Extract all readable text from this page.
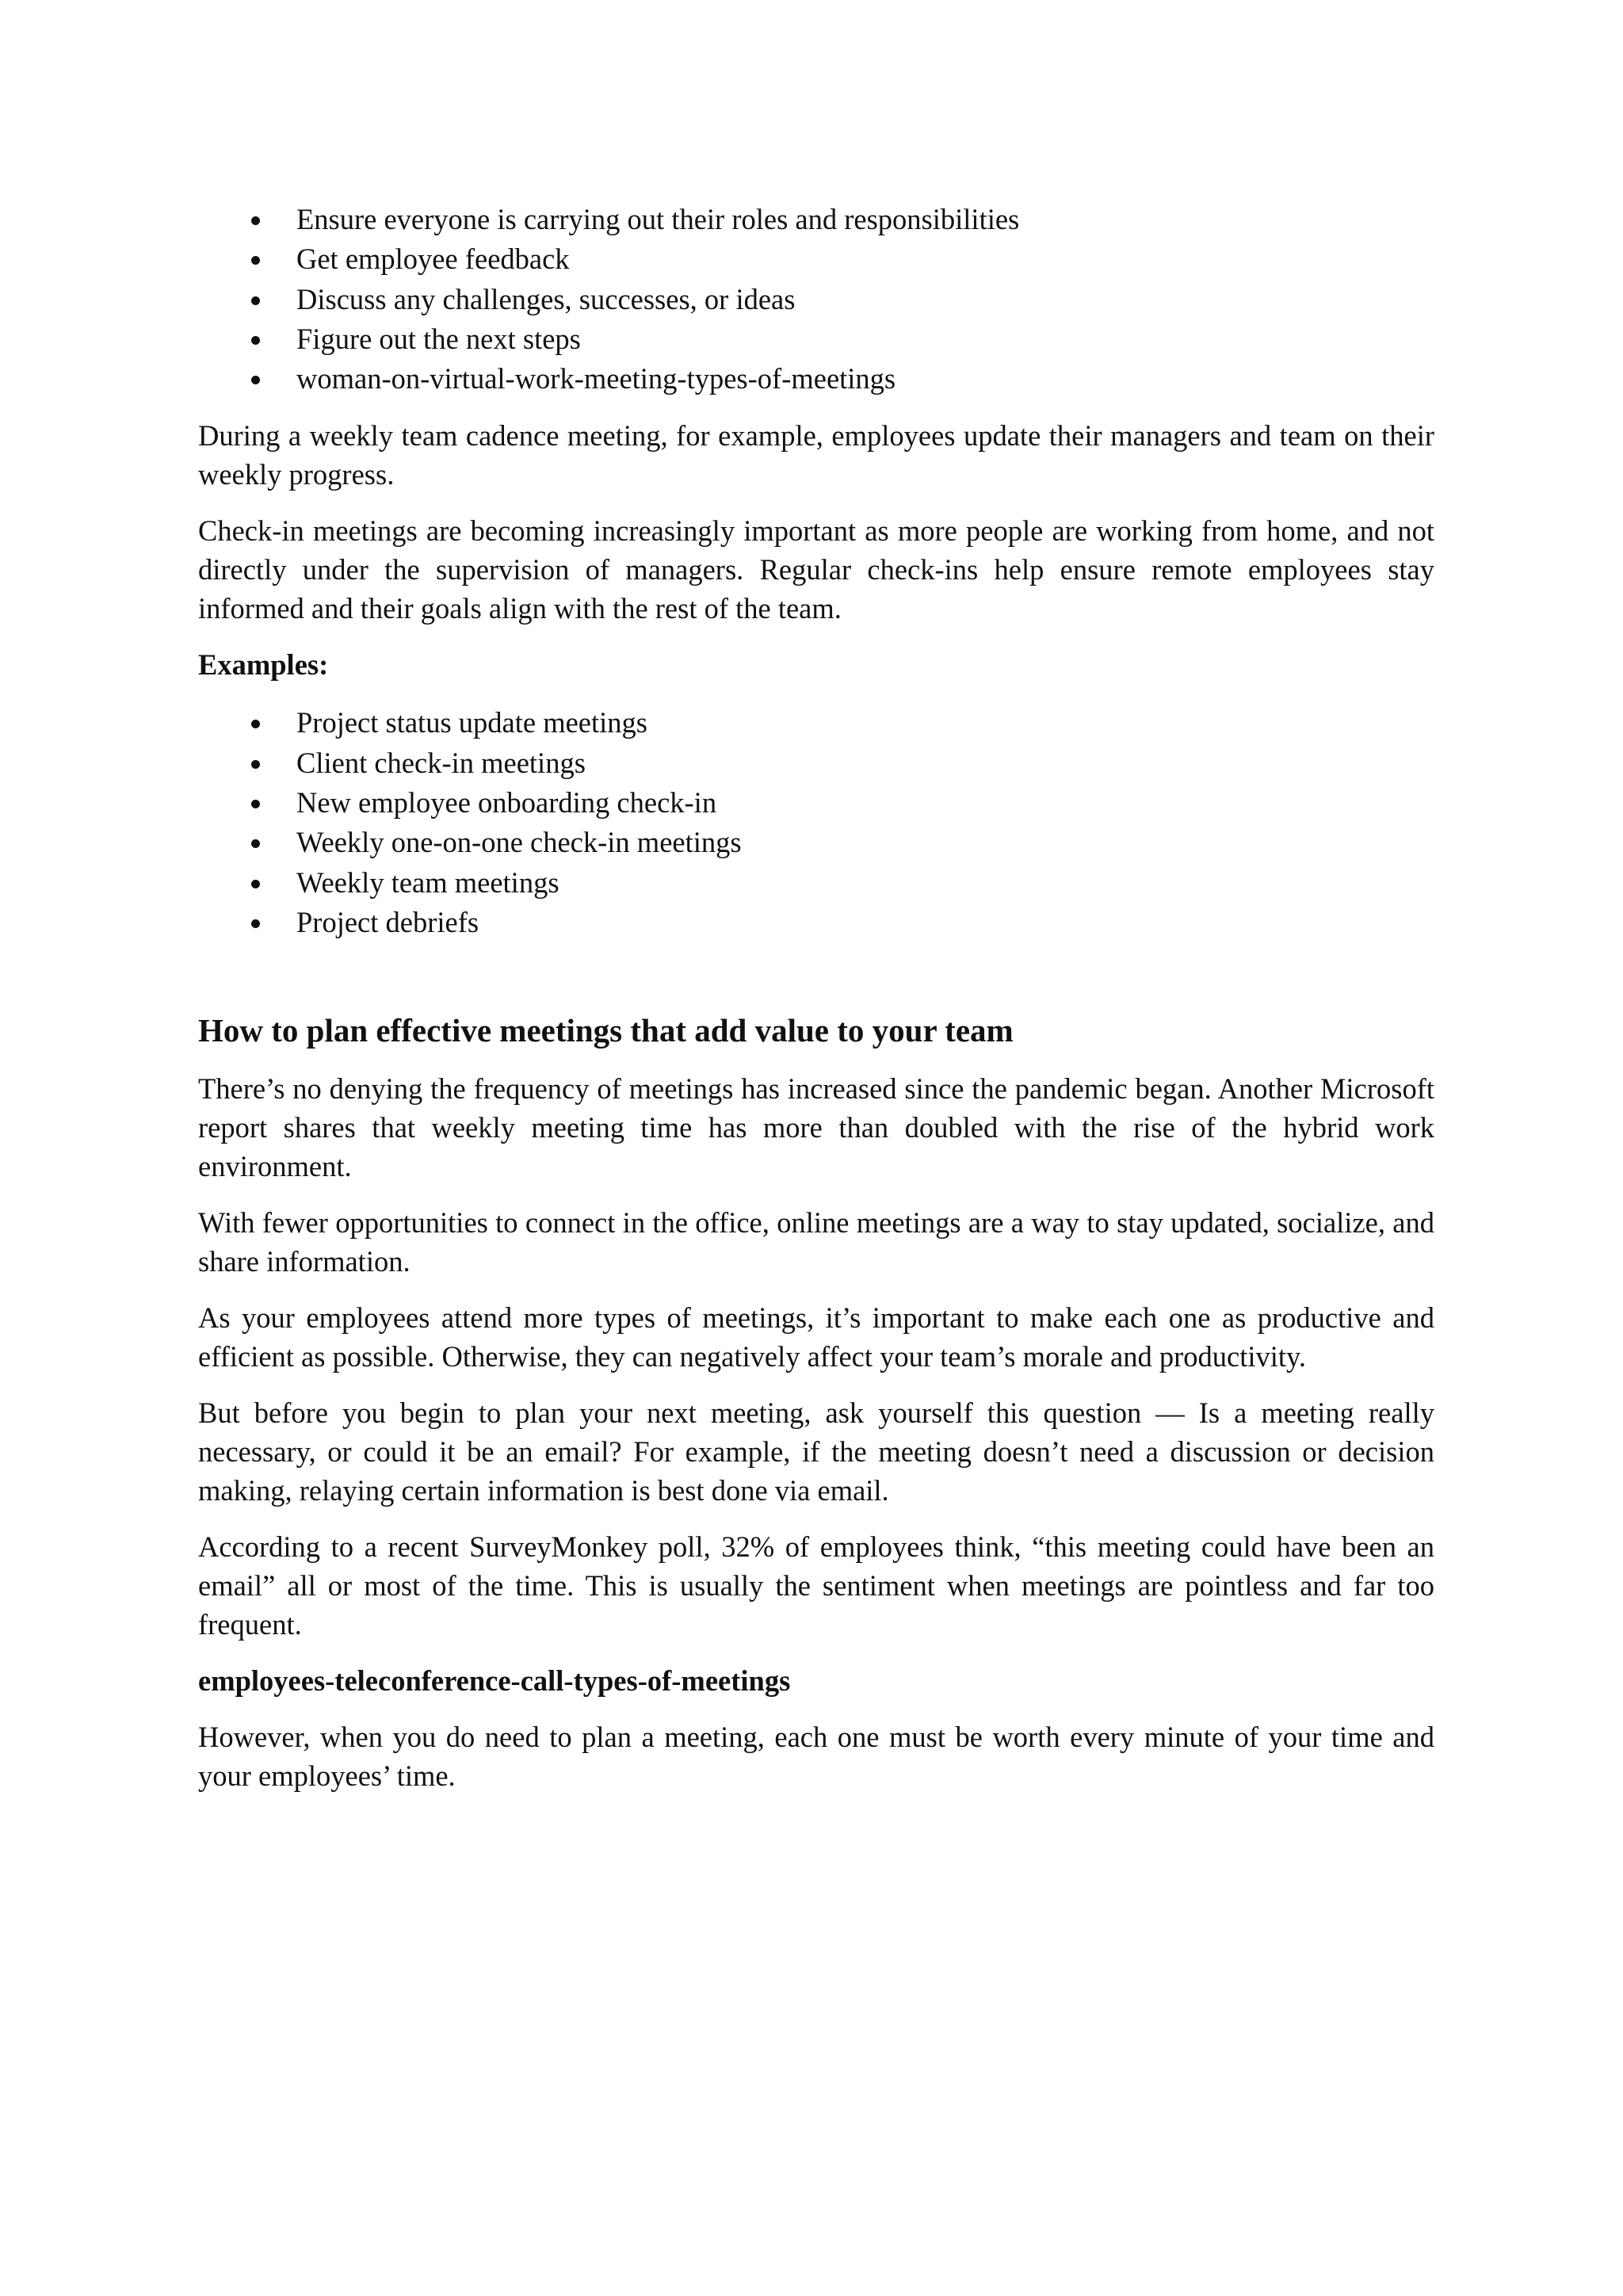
Ensure everyone is carrying out their roles and responsibilities
Get employee feedback
Discuss any challenges, successes, or ideas
Figure out the next steps
woman-on-virtual-work-meeting-types-of-meetings

During a weekly team cadence meeting, for example, employees update their managers and team on their weekly progress.

Check-in meetings are becoming increasingly important as more people are working from home, and not directly under the supervision of managers. Regular check-ins help ensure remote employees stay informed and their goals align with the rest of the team.

Examples:

Project status update meetings
Client check-in meetings
New employee onboarding check-in
Weekly one-on-one check-in meetings
Weekly team meetings
Project debriefs
How to plan effective meetings that add value to your team

There’s no denying the frequency of meetings has increased since the pandemic began. Another Microsoft report shares that weekly meeting time has more than doubled with the rise of the hybrid work environment.

With fewer opportunities to connect in the office, online meetings are a way to stay updated, socialize, and share information.

As your employees attend more types of meetings, it’s important to make each one as productive and efficient as possible. Otherwise, they can negatively affect your team’s morale and productivity.

But before you begin to plan your next meeting, ask yourself this question — Is a meeting really necessary, or could it be an email? For example, if the meeting doesn’t need a discussion or decision making, relaying certain information is best done via email.

According to a recent SurveyMonkey poll, 32% of employees think, “this meeting could have been an email” all or most of the time. This is usually the sentiment when meetings are pointless and far too frequent.

employees-teleconference-call-types-of-meetings

However, when you do need to plan a meeting, each one must be worth every minute of your time and your employees’ time.
